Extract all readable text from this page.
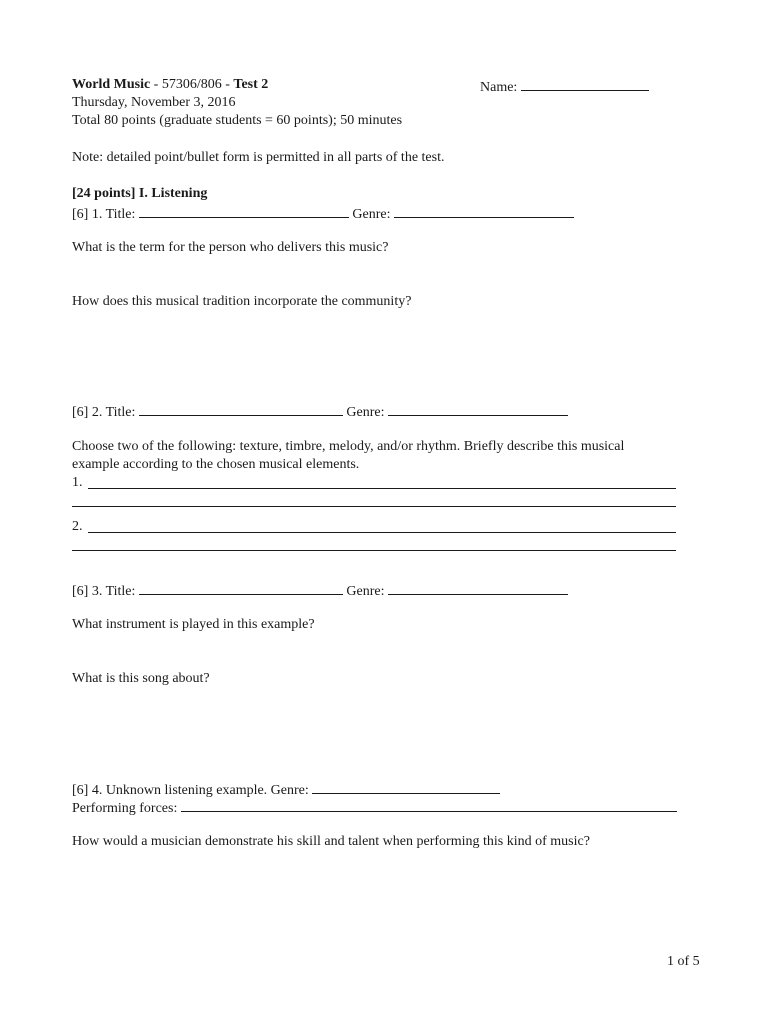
World Music - 57306/806 - Test 2	Name:
Thursday, November 3, 2016
Total 80 points (graduate students = 60 points); 50 minutes
Note: detailed point/bullet form is permitted in all parts of the test.
[24 points] I. Listening
[6] 1. Title:	Genre:
What is the term for the person who delivers this music?
How does this musical tradition incorporate the community?
[6] 2. Title:	Genre:
Choose two of the following: texture, timbre, melody, and/or rhythm. Briefly describe this musical
example according to the chosen musical elements.
1.
2.
[6] 3. Title:	Genre:
What instrument is played in this example?
What is this song about?
[6] 4. Unknown listening example. Genre:
Performing forces:
How would a musician demonstrate his skill and talent when performing this kind of music?
1 of 5
